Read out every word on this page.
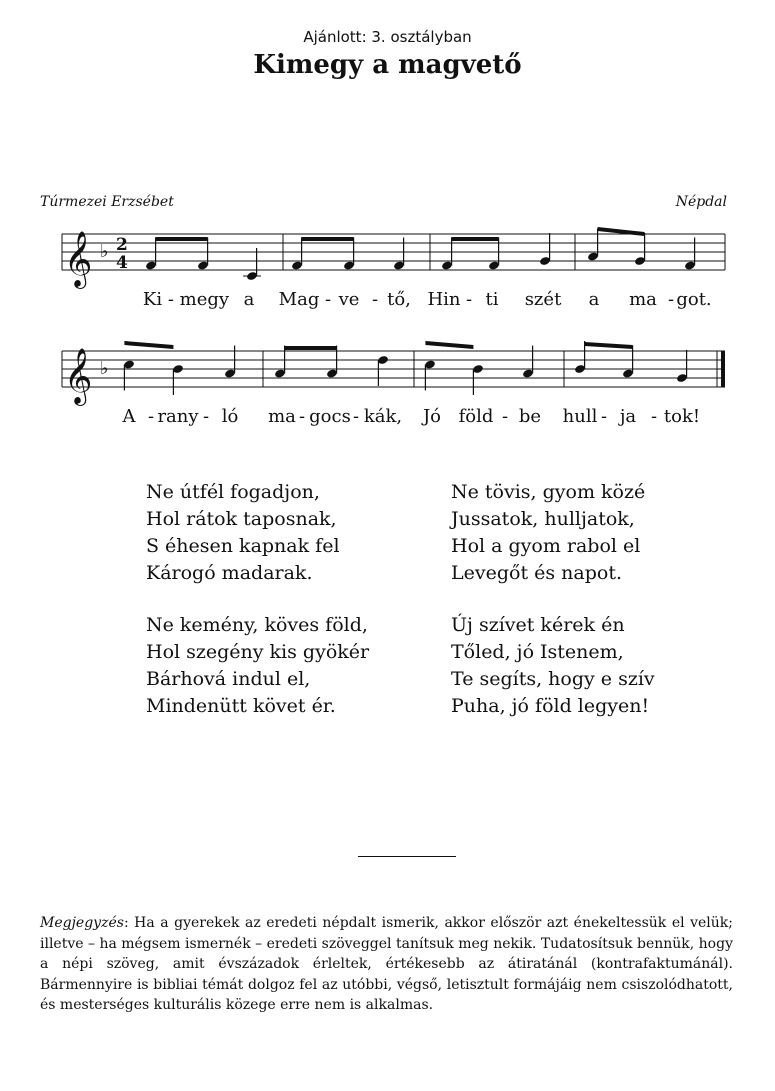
Ajánlott: 3. osztályban
Kimegy a magvető
Túrmezei Erzsébet	Népdal
𝄞 ♭ 2
4
Ki - megy a Mag - ve - tő, Hin - ti szét a ma - got.
𝄞 ♭
A - rany - ló ma - gocs - kák, Jó föld - be hull - ja - tok!
Ne útfél fogadjon,
Hol rátok taposnak,
S éhesen kapnak fel
Károgó madarak.
Ne tövis, gyom közé
Jussatok, hulljatok,
Hol a gyom rabol el
Levegőt és napot.
Ne kemény, köves föld,
Hol szegény kis gyökér
Bárhová indul el,
Mindenütt követ ér.
Új szívet kérek én
Tőled, jó Istenem,
Te segíts, hogy e szív
Puha, jó föld legyen!
Megjegyzés: Ha a gyerekek az eredeti népdalt ismerik, akkor először azt énekeltessük el velük; illetve – ha mégsem ismernék – eredeti szöveggel tanítsuk meg nekik. Tudatosítsuk bennük, hogy a népi szöveg, amit évszázadok érleltek, értékesebb az átiratánál (kontrafaktumánál). Bármennyire is bibliai témát dolgoz fel az utóbbi, végső, letisztult formájáig nem csiszolódhatott, és mesterséges kulturális közege erre nem is alkalmas.
